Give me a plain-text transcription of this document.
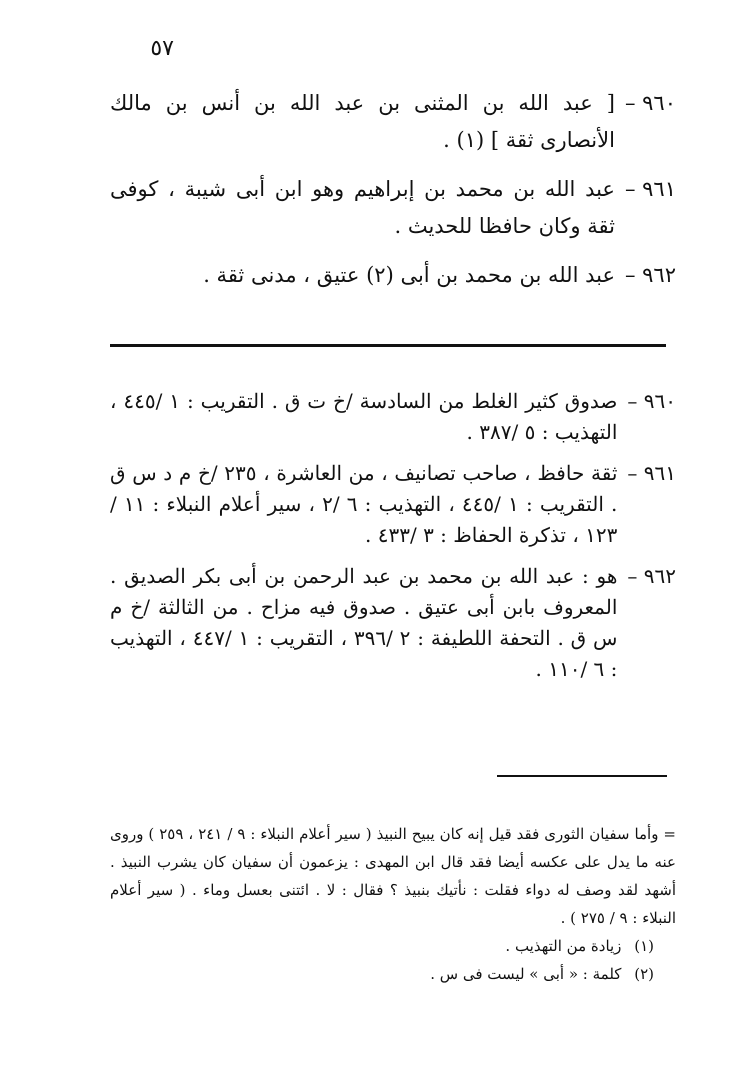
٥٧
٩٦٠ –
[ عبد الله بن المثنى بن عبد الله بن أنس بن مالك الأنصارى ثقة ] (١) .
٩٦١ –
عبد الله بن محمد بن إبراهيم وهو ابن أبى شيبة ، كوفى ثقة وكان حافظا للحديث .
٩٦٢ –
عبد الله بن محمد بن أبى (٢) عتيق ، مدنى ثقة .
٩٦٠ –
صدوق كثير الغلط من السادسة /خ ت ق . التقريب : ١ /٤٤٥ ، التهذيب : ٥ /٣٨٧ .
٩٦١ –
ثقة حافظ ، صاحب تصانيف ، من العاشرة ، ٢٣٥ /خ م د س ق . التقريب : ١ /٤٤٥ ، التهذيب : ٦ /٢ ، سير أعلام النبلاء : ١١ /١٢٣ ، تذكرة الحفاظ : ٣ /٤٣٣ .
٩٦٢ –
هو : عبد الله بن محمد بن عبد الرحمن بن أبى بكر الصديق . المعروف بابن أبى عتيق . صدوق فيه مزاح . من الثالثة /خ م س ق . التحفة اللطيفة : ٢ /٣٩٦ ، التقريب : ١ /٤٤٧ ، التهذيب : ٦ /١١٠ .
= وأما سفيان الثورى فقد قيل إنه كان يبيح النبيذ ( سير أعلام النبلاء : ٩ / ٢٤١ ، ٢٥٩ ) وروى عنه ما يدل على عكسه أيضا فقد قال ابن المهدى : يزعمون أن سفيان كان يشرب النبيذ . أشهد لقد وصف له دواء فقلت : نأتيك بنبيذ ؟ فقال : لا . ائتنى بعسل وماء . ( سير أعلام النبلاء : ٩ / ٢٧٥ ) .
(١) زيادة من التهذيب .
(٢) كلمة : « أبى » ليست فى س .
